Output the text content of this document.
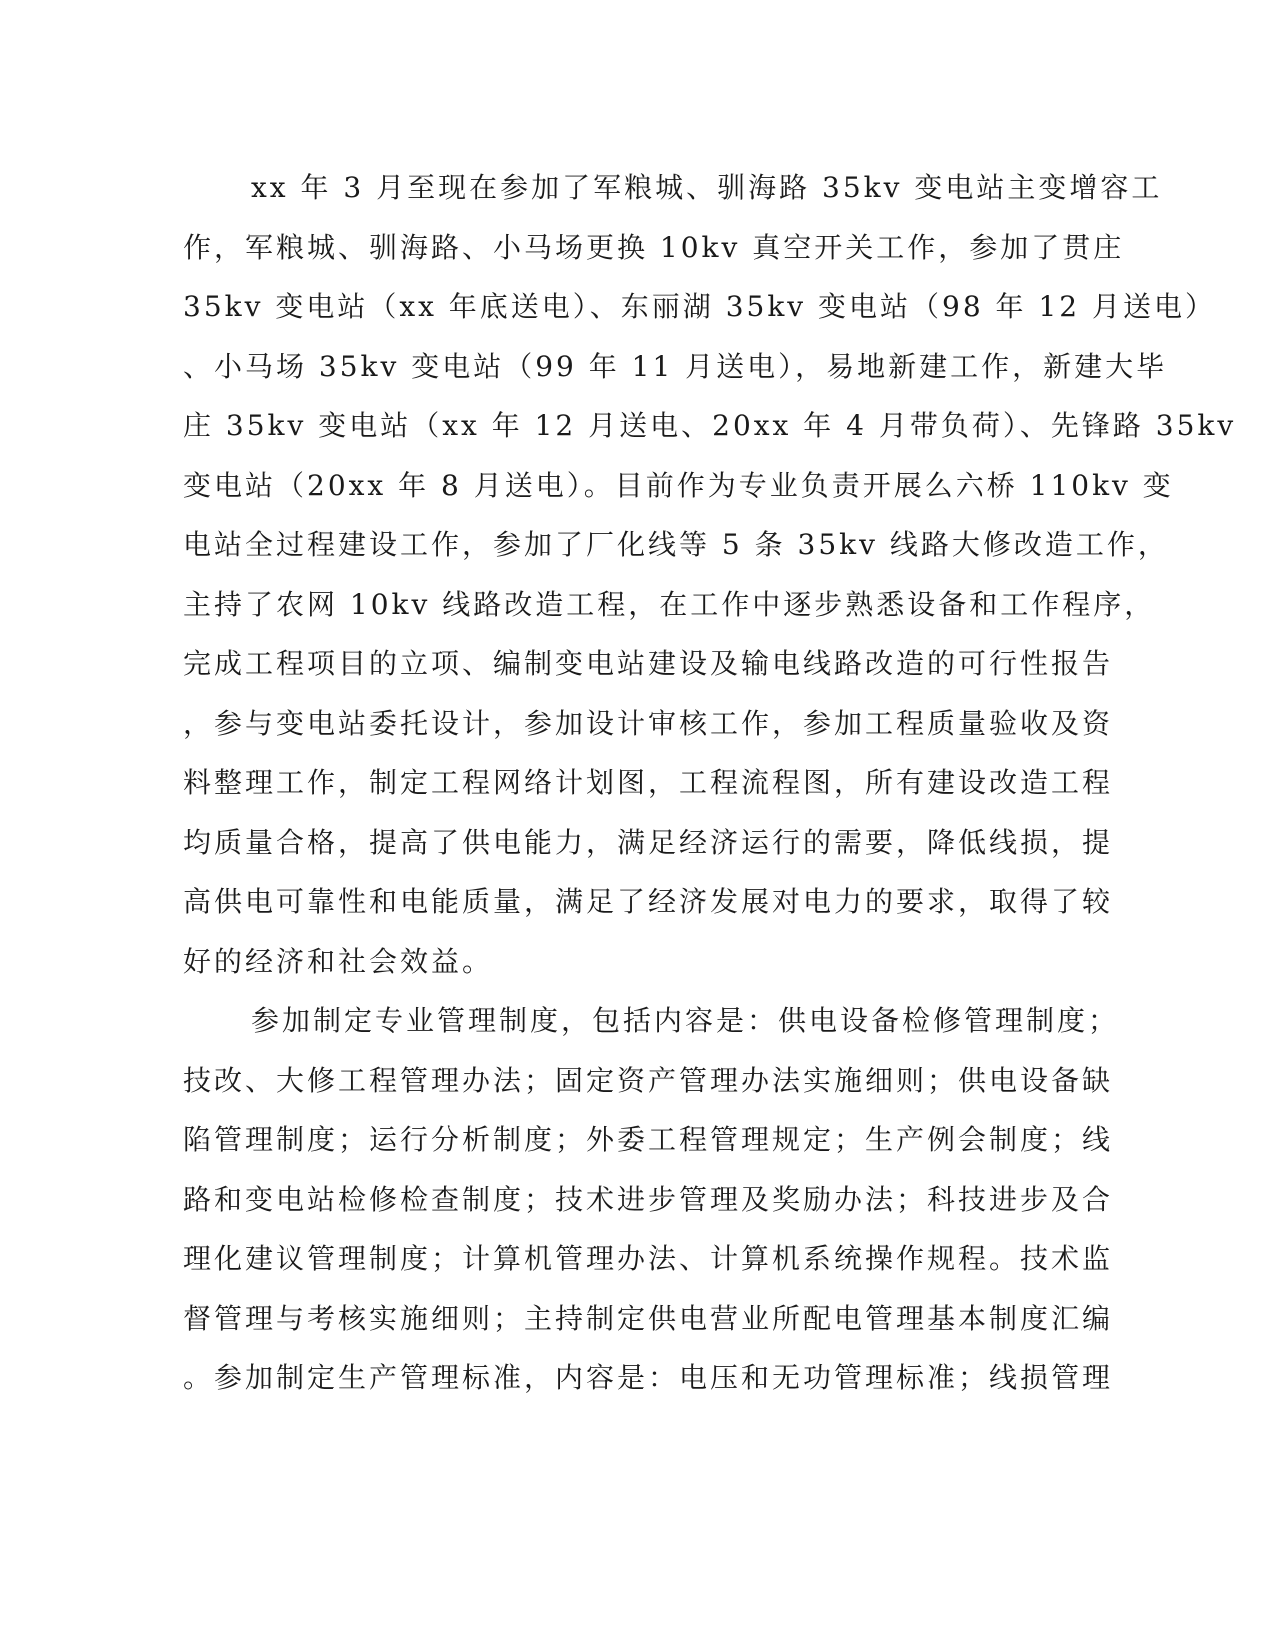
xx 年 3 月至现在参加了军粮城、驯海路 35kv 变电站主变增容工
作，军粮城、驯海路、小马场更换 10kv 真空开关工作，参加了贯庄
35kv 变电站（xx 年底送电）、东丽湖 35kv 变电站（98 年 12 月送电）
、小马场 35kv 变电站（99 年 11 月送电），易地新建工作，新建大毕
庄 35kv 变电站（xx 年 12 月送电、20xx 年 4 月带负荷）、先锋路 35kv
变电站（20xx 年 8 月送电）。目前作为专业负责开展么六桥 110kv 变
电站全过程建设工作，参加了厂化线等 5 条 35kv 线路大修改造工作，
主持了农网 10kv 线路改造工程，在工作中逐步熟悉设备和工作程序，
完成工程项目的立项、编制变电站建设及输电线路改造的可行性报告
，参与变电站委托设计，参加设计审核工作，参加工程质量验收及资
料整理工作，制定工程网络计划图，工程流程图，所有建设改造工程
均质量合格，提高了供电能力，满足经济运行的需要，降低线损，提
高供电可靠性和电能质量，满足了经济发展对电力的要求，取得了较
好的经济和社会效益。
参加制定专业管理制度，包括内容是：供电设备检修管理制度；
技改、大修工程管理办法；固定资产管理办法实施细则；供电设备缺
陷管理制度；运行分析制度；外委工程管理规定；生产例会制度；线
路和变电站检修检查制度；技术进步管理及奖励办法；科技进步及合
理化建议管理制度；计算机管理办法、计算机系统操作规程。技术监
督管理与考核实施细则；主持制定供电营业所配电管理基本制度汇编
。参加制定生产管理标准，内容是：电压和无功管理标准；线损管理
